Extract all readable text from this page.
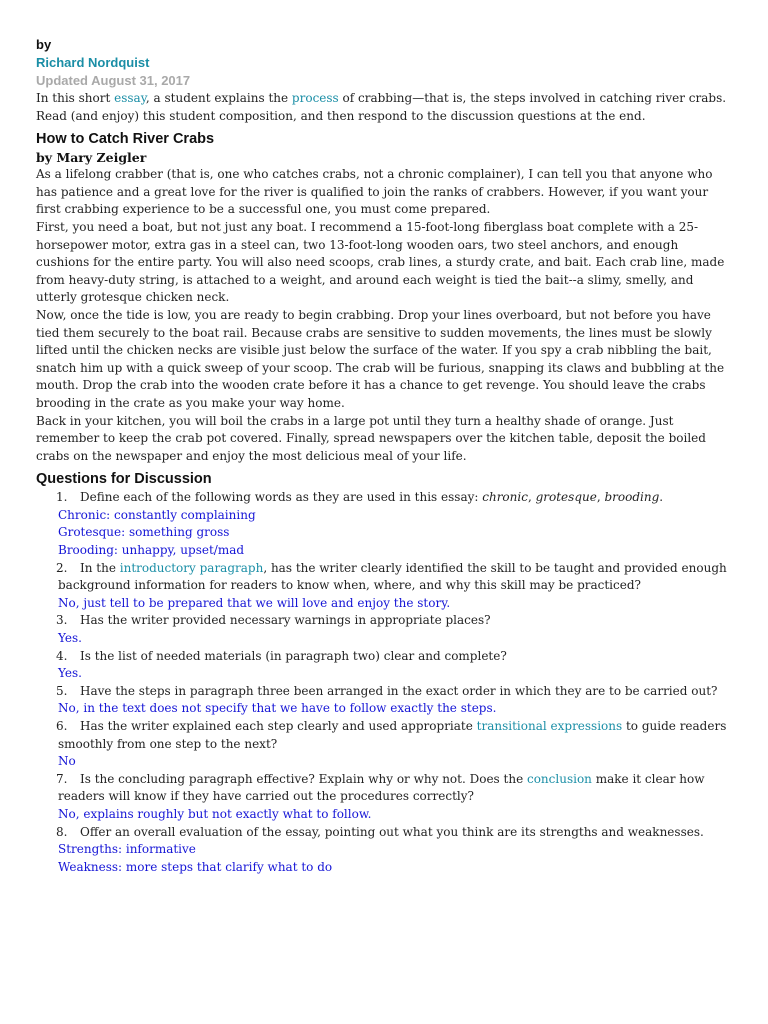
by
Richard Nordquist
Updated August 31, 2017

In this short essay, a student explains the process of crabbing—that is, the steps involved in catching river crabs. Read (and enjoy) this student composition, and then respond to the discussion questions at the end.

How to Catch River Crabs
by Mary Zeigler

As a lifelong crabber (that is, one who catches crabs, not a chronic complainer), I can tell you that anyone who has patience and a great love for the river is qualified to join the ranks of crabbers. However, if you want your first crabbing experience to be a successful one, you must come prepared.

First, you need a boat, but not just any boat. I recommend a 15-foot-long fiberglass boat complete with a 25-horsepower motor, extra gas in a steel can, two 13-foot-long wooden oars, two steel anchors, and enough cushions for the entire party. You will also need scoops, crab lines, a sturdy crate, and bait. Each crab line, made from heavy-duty string, is attached to a weight, and around each weight is tied the bait--a slimy, smelly, and utterly grotesque chicken neck.

Now, once the tide is low, you are ready to begin crabbing. Drop your lines overboard, but not before you have tied them securely to the boat rail. Because crabs are sensitive to sudden movements, the lines must be slowly lifted until the chicken necks are visible just below the surface of the water. If you spy a crab nibbling the bait, snatch him up with a quick sweep of your scoop. The crab will be furious, snapping its claws and bubbling at the mouth. Drop the crab into the wooden crate before it has a chance to get revenge. You should leave the crabs brooding in the crate as you make your way home.

Back in your kitchen, you will boil the crabs in a large pot until they turn a healthy shade of orange. Just remember to keep the crab pot covered. Finally, spread newspapers over the kitchen table, deposit the boiled crabs on the newspaper and enjoy the most delicious meal of your life.

Questions for Discussion

1. Define each of the following words as they are used in this essay: chronic, grotesque, brooding.

Chronic: constantly complaining

Grotesque: something gross

Brooding: unhappy, upset/mad

2. In the introductory paragraph, has the writer clearly identified the skill to be taught and provided enough background information for readers to know when, where, and why this skill may be practiced?

No, just tell to be prepared that we will love and enjoy the story.

3. Has the writer provided necessary warnings in appropriate places?

Yes.

4. Is the list of needed materials (in paragraph two) clear and complete?

Yes.

5. Have the steps in paragraph three been arranged in the exact order in which they are to be carried out?

No, in the text does not specify that we have to follow exactly the steps.

6. Has the writer explained each step clearly and used appropriate transitional expressions to guide readers smoothly from one step to the next?

No

7. Is the concluding paragraph effective? Explain why or why not. Does the conclusion make it clear how readers will know if they have carried out the procedures correctly?

No, explains roughly but not exactly what to follow.

8. Offer an overall evaluation of the essay, pointing out what you think are its strengths and weaknesses.

Strengths: informative

Weakness: more steps that clarify what to do
